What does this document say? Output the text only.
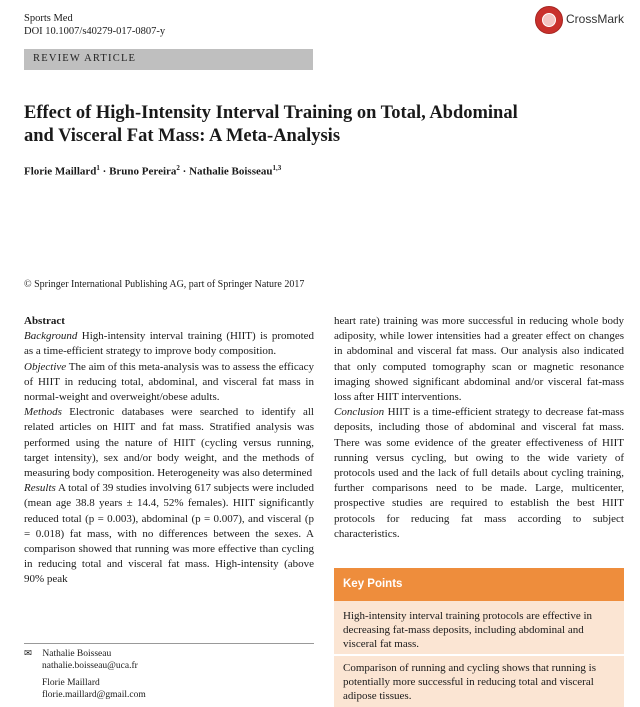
Sports Med
DOI 10.1007/s40279-017-0807-y
CrossMark
REVIEW ARTICLE
Effect of High-Intensity Interval Training on Total, Abdominal
and Visceral Fat Mass: A Meta-Analysis
Florie Maillard$^1$ · Bruno Pereira$^2$ · Nathalie Boisseau$^{1,3}$
© Springer International Publishing AG, part of Springer Nature 2017

Abstract

Background High-intensity interval training (HIIT) is promoted as a time-efficient strategy to improve body composition.

Objective The aim of this meta-analysis was to assess the efficacy of HIIT in reducing total, abdominal, and visceral fat mass in normal-weight and overweight/obese adults.

Methods Electronic databases were searched to identify all related articles on HIIT and fat mass. Stratified analysis was performed using the nature of HIIT (cycling versus running, target intensity), sex and/or body weight, and the methods of measuring body composition. Heterogeneity was also determined

Results A total of 39 studies involving 617 subjects were included (mean age 38.8 years ± 14.4, 52% females). HIIT significantly reduced total (p = 0.003), abdominal (p = 0.007), and visceral (p = 0.018) fat mass, with no differences between the sexes. A comparison showed that running was more effective than cycling in reducing total and visceral fat mass. High-intensity (above 90% peak

heart rate) training was more successful in reducing whole body adiposity, while lower intensities had a greater effect on changes in abdominal and visceral fat mass. Our analysis also indicated that only computed tomography scan or magnetic resonance imaging showed significant abdominal and/or visceral fat-mass loss after HIIT interventions.

Conclusion HIIT is a time-efficient strategy to decrease fat-mass deposits, including those of abdominal and visceral fat mass. There was some evidence of the greater effectiveness of HIIT running versus cycling, but owing to the wide variety of protocols used and the lack of full details about cycling training, further comparisons need to be made. Large, multicenter, prospective studies are required to establish the best HIIT protocols for reducing fat mass according to subject characteristics.

✉ Nathalie Boisseau
nathalie.boisseau@uca.fr
Florie Maillard
florie.maillard@gmail.com
Key Points
High-intensity interval training protocols are effective in decreasing fat-mass deposits, including abdominal and visceral fat mass.
Comparison of running and cycling shows that running is potentially more successful in reducing total and visceral adipose tissues.
